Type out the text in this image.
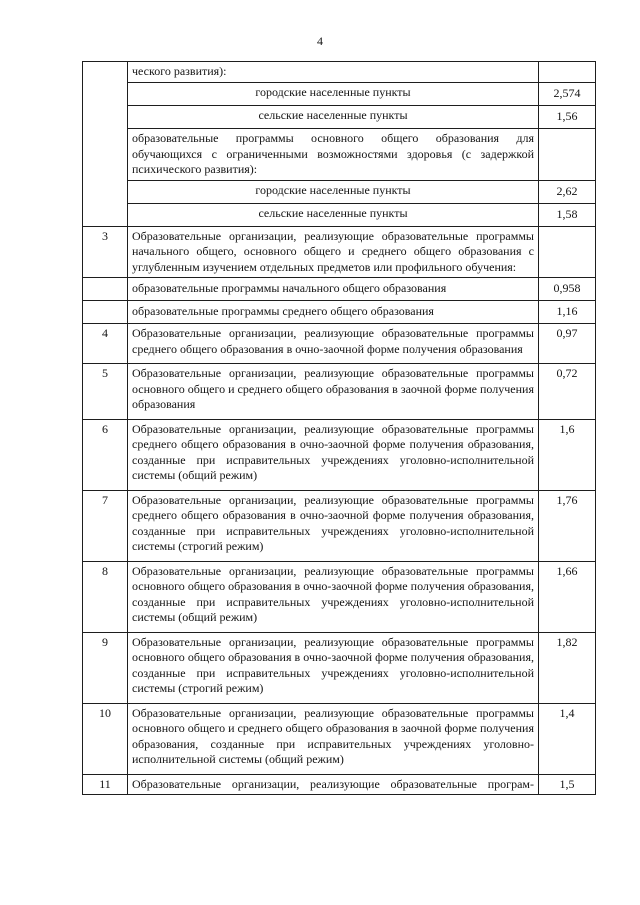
4
	ческого развития):	
	городские населенные пункты	2,574
	сельские населенные пункты	1,56
	образовательные программы основного общего образования для обучающихся с ограниченными возможностями здоровья (с задержкой психического развития):	
	городские населенные пункты	2,62
	сельские населенные пункты	1,58
3	Образовательные организации, реализующие образовательные программы начального общего, основного общего и среднего общего образования с углубленным изучением отдельных предметов или профильного обучения:	
	образовательные программы начального общего образования	0,958
	образовательные программы среднего общего образования	1,16
4	Образовательные организации, реализующие образовательные программы среднего общего образования в очно-заочной форме получения образования	0,97
5	Образовательные организации, реализующие образовательные программы основного общего и среднего общего образования в заочной форме получения образования	0,72
6	Образовательные организации, реализующие образовательные программы среднего общего образования в очно-заочной форме получения образования, созданные при исправительных учреждениях уголовно-исполнительной системы (общий режим)	1,6
7	Образовательные организации, реализующие образовательные программы среднего общего образования в очно-заочной форме получения образования, созданные при исправительных учреждениях уголовно-исполнительной системы (строгий режим)	1,76
8	Образовательные организации, реализующие образовательные программы основного общего образования в очно-заочной форме получения образования, созданные при исправительных учреждениях уголовно-исполнительной системы (общий режим)	1,66
9	Образовательные организации, реализующие образовательные программы основного общего образования в очно-заочной форме получения образования, созданные при исправительных учреждениях уголовно-исполнительной системы (строгий режим)	1,82
10	Образовательные организации, реализующие образовательные программы основного общего и среднего общего образования в заочной форме получения образования, созданные при исправительных учреждениях уголовно-исполнительной системы (общий режим)	1,4
11	Образовательные организации, реализующие образовательные програм-	1,5
